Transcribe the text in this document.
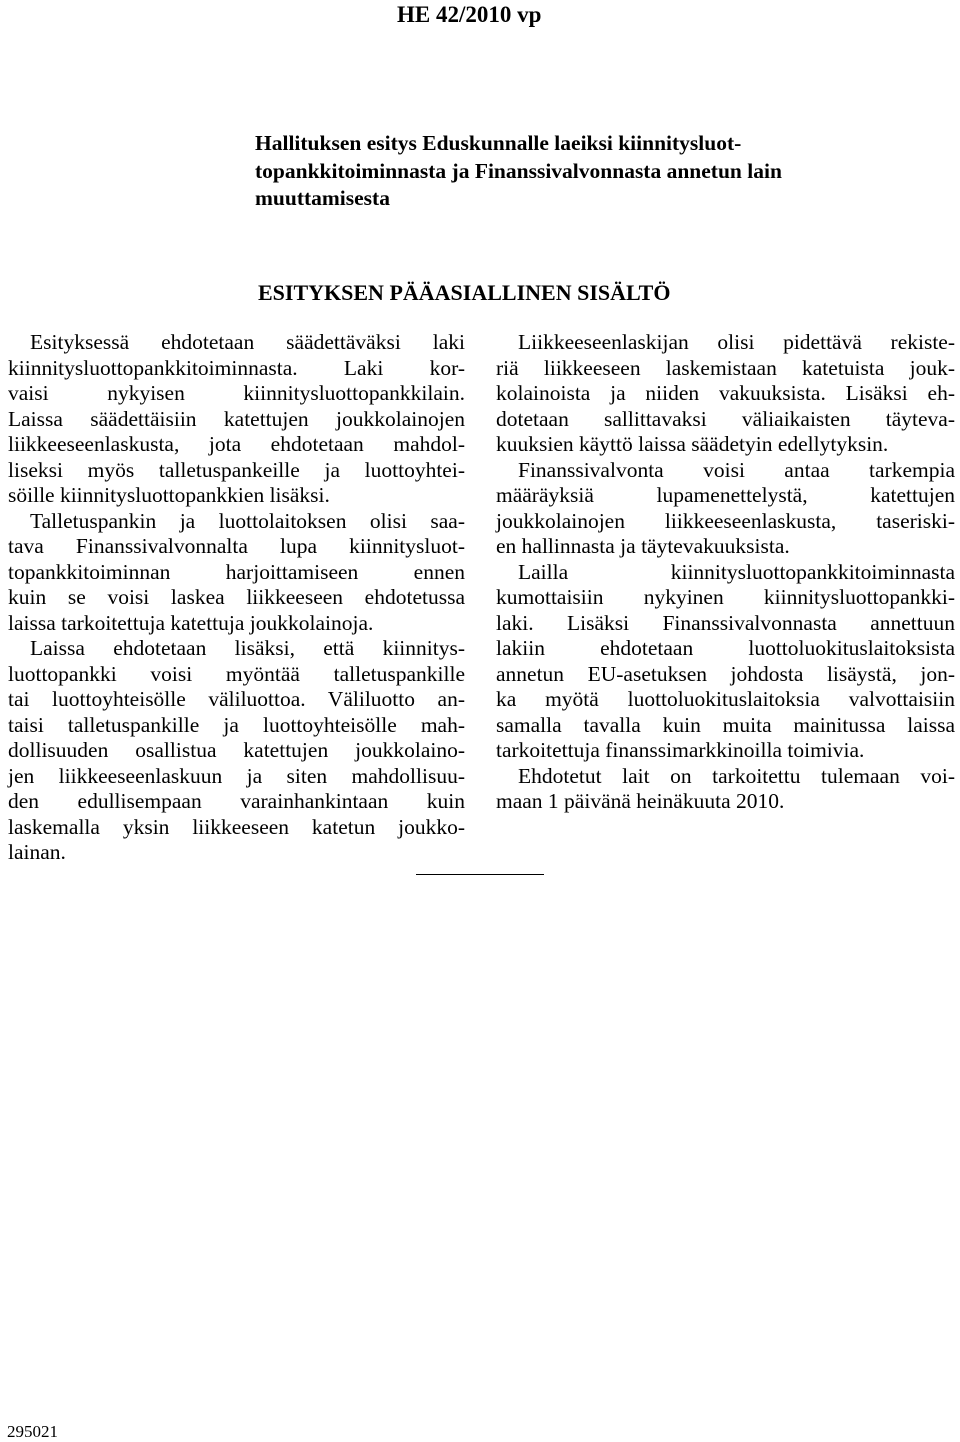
HE 42/2010 vp
Hallituksen esitys Eduskunnalle laeiksi kiinnitysluot-
topankkitoiminnasta ja Finanssivalvonnasta annetun lain
muuttamisesta
ESITYKSEN PÄÄASIALLINEN SISÄLTÖ
Esityksessä ehdotetaan säädettäväksi laki
kiinnitysluottopankkitoiminnasta. Laki kor-
vaisi nykyisen kiinnitysluottopankkilain.
Laissa säädettäisiin katettujen joukkolainojen
liikkeeseenlaskusta, jota ehdotetaan mahdol-
liseksi myös talletuspankeille ja luottoyhtei-
söille kiinnitysluottopankkien lisäksi.
Talletuspankin ja luottolaitoksen olisi saa-
tava Finanssivalvonnalta lupa kiinnitysluot-
topankkitoiminnan harjoittamiseen ennen
kuin se voisi laskea liikkeeseen ehdotetussa
laissa tarkoitettuja katettuja joukkolainoja.
Laissa ehdotetaan lisäksi, että kiinnitys-
luottopankki voisi myöntää talletuspankille
tai luottoyhteisölle väliluottoa. Väliluotto an-
taisi talletuspankille ja luottoyhteisölle mah-
dollisuuden osallistua katettujen joukkolaino-
jen liikkeeseenlaskuun ja siten mahdollisuu-
den edullisempaan varainhankintaan kuin
laskemalla yksin liikkeeseen katetun joukko-
lainan.
Liikkeeseenlaskijan olisi pidettävä rekiste-
riä liikkeeseen laskemistaan katetuista jouk-
kolainoista ja niiden vakuuksista. Lisäksi eh-
dotetaan sallittavaksi väliaikaisten täyteva-
kuuksien käyttö laissa säädetyin edellytyksin.
Finanssivalvonta voisi antaa tarkempia
määräyksiä lupamenettelystä, katettujen
joukkolainojen liikkeeseenlaskusta, taseriski-
en hallinnasta ja täytevakuuksista.
Lailla kiinnitysluottopankkitoiminnasta
kumottaisiin nykyinen kiinnitysluottopankki-
laki. Lisäksi Finanssivalvonnasta annettuun
lakiin ehdotetaan luottoluokituslaitoksista
annetun EU-asetuksen johdosta lisäystä, jon-
ka myötä luottoluokituslaitoksia valvottaisiin
samalla tavalla kuin muita mainitussa laissa
tarkoitettuja finanssimarkkinoilla toimivia.
Ehdotetut lait on tarkoitettu tulemaan voi-
maan 1 päivänä heinäkuuta 2010.
295021
